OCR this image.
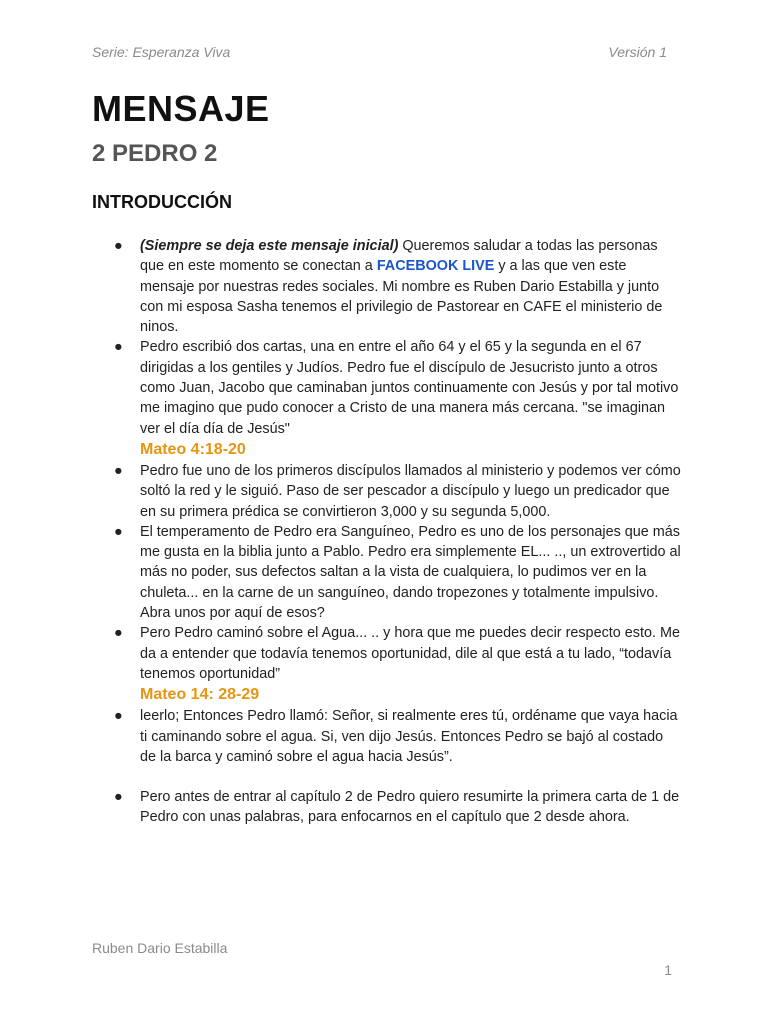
Serie: Esperanza Viva	Versión 1
MENSAJE
2 PEDRO 2
INTRODUCCIÓN
● (Siempre se deja este mensaje inicial) Queremos saludar a todas las personas que en este momento se conectan a FACEBOOK LIVE y a las que ven este mensaje por nuestras redes sociales. Mi nombre es Ruben Dario Estabilla y junto con mi esposa Sasha tenemos el privilegio de Pastorear en CAFE el ministerio de ninos.
● Pedro escribió dos cartas, una en entre el año 64 y el 65 y la segunda en el 67 dirigidas a los gentiles y Judíos. Pedro fue el discípulo de Jesucristo junto a otros como Juan, Jacobo que caminaban juntos continuamente con Jesús y por tal motivo me imagino que pudo conocer a Cristo de una manera más cercana. "se imaginan ver el día día de Jesús"
Mateo 4:18-20
● Pedro fue uno de los primeros discípulos llamados al ministerio y podemos ver cómo soltó la red y le siguió. Paso de ser pescador a discípulo y luego un predicador que en su primera prédica se convirtieron 3,000 y su segunda 5,000.
● El temperamento de Pedro era Sanguíneo, Pedro es uno de los personajes que más me gusta en la biblia junto a Pablo. Pedro era simplemente EL... .., un extrovertido al más no poder, sus defectos saltan a la vista de cualquiera, lo pudimos ver en la chuleta... en la carne de un sanguíneo, dando tropezones y totalmente impulsivo. Abra unos por aquí de esos?
● Pero Pedro caminó sobre el Agua... .. y hora que me puedes decir respecto esto. Me da a entender que todavía tenemos oportunidad, dile al que está a tu lado, “todavía tenemos oportunidad”
Mateo 14: 28-29
● leerlo; Entonces Pedro llamó: Señor, si realmente eres tú, ordéname que vaya hacia ti caminando sobre el agua. Si, ven dijo Jesús. Entonces Pedro se bajó al costado de la barca y caminó sobre el agua hacia Jesús”.
● Pero antes de entrar al capítulo 2 de Pedro quiero resumirte la primera carta de 1 de Pedro con unas palabras, para enfocarnos en el capítulo que 2 desde ahora.
Ruben Dario Estabilla
1
